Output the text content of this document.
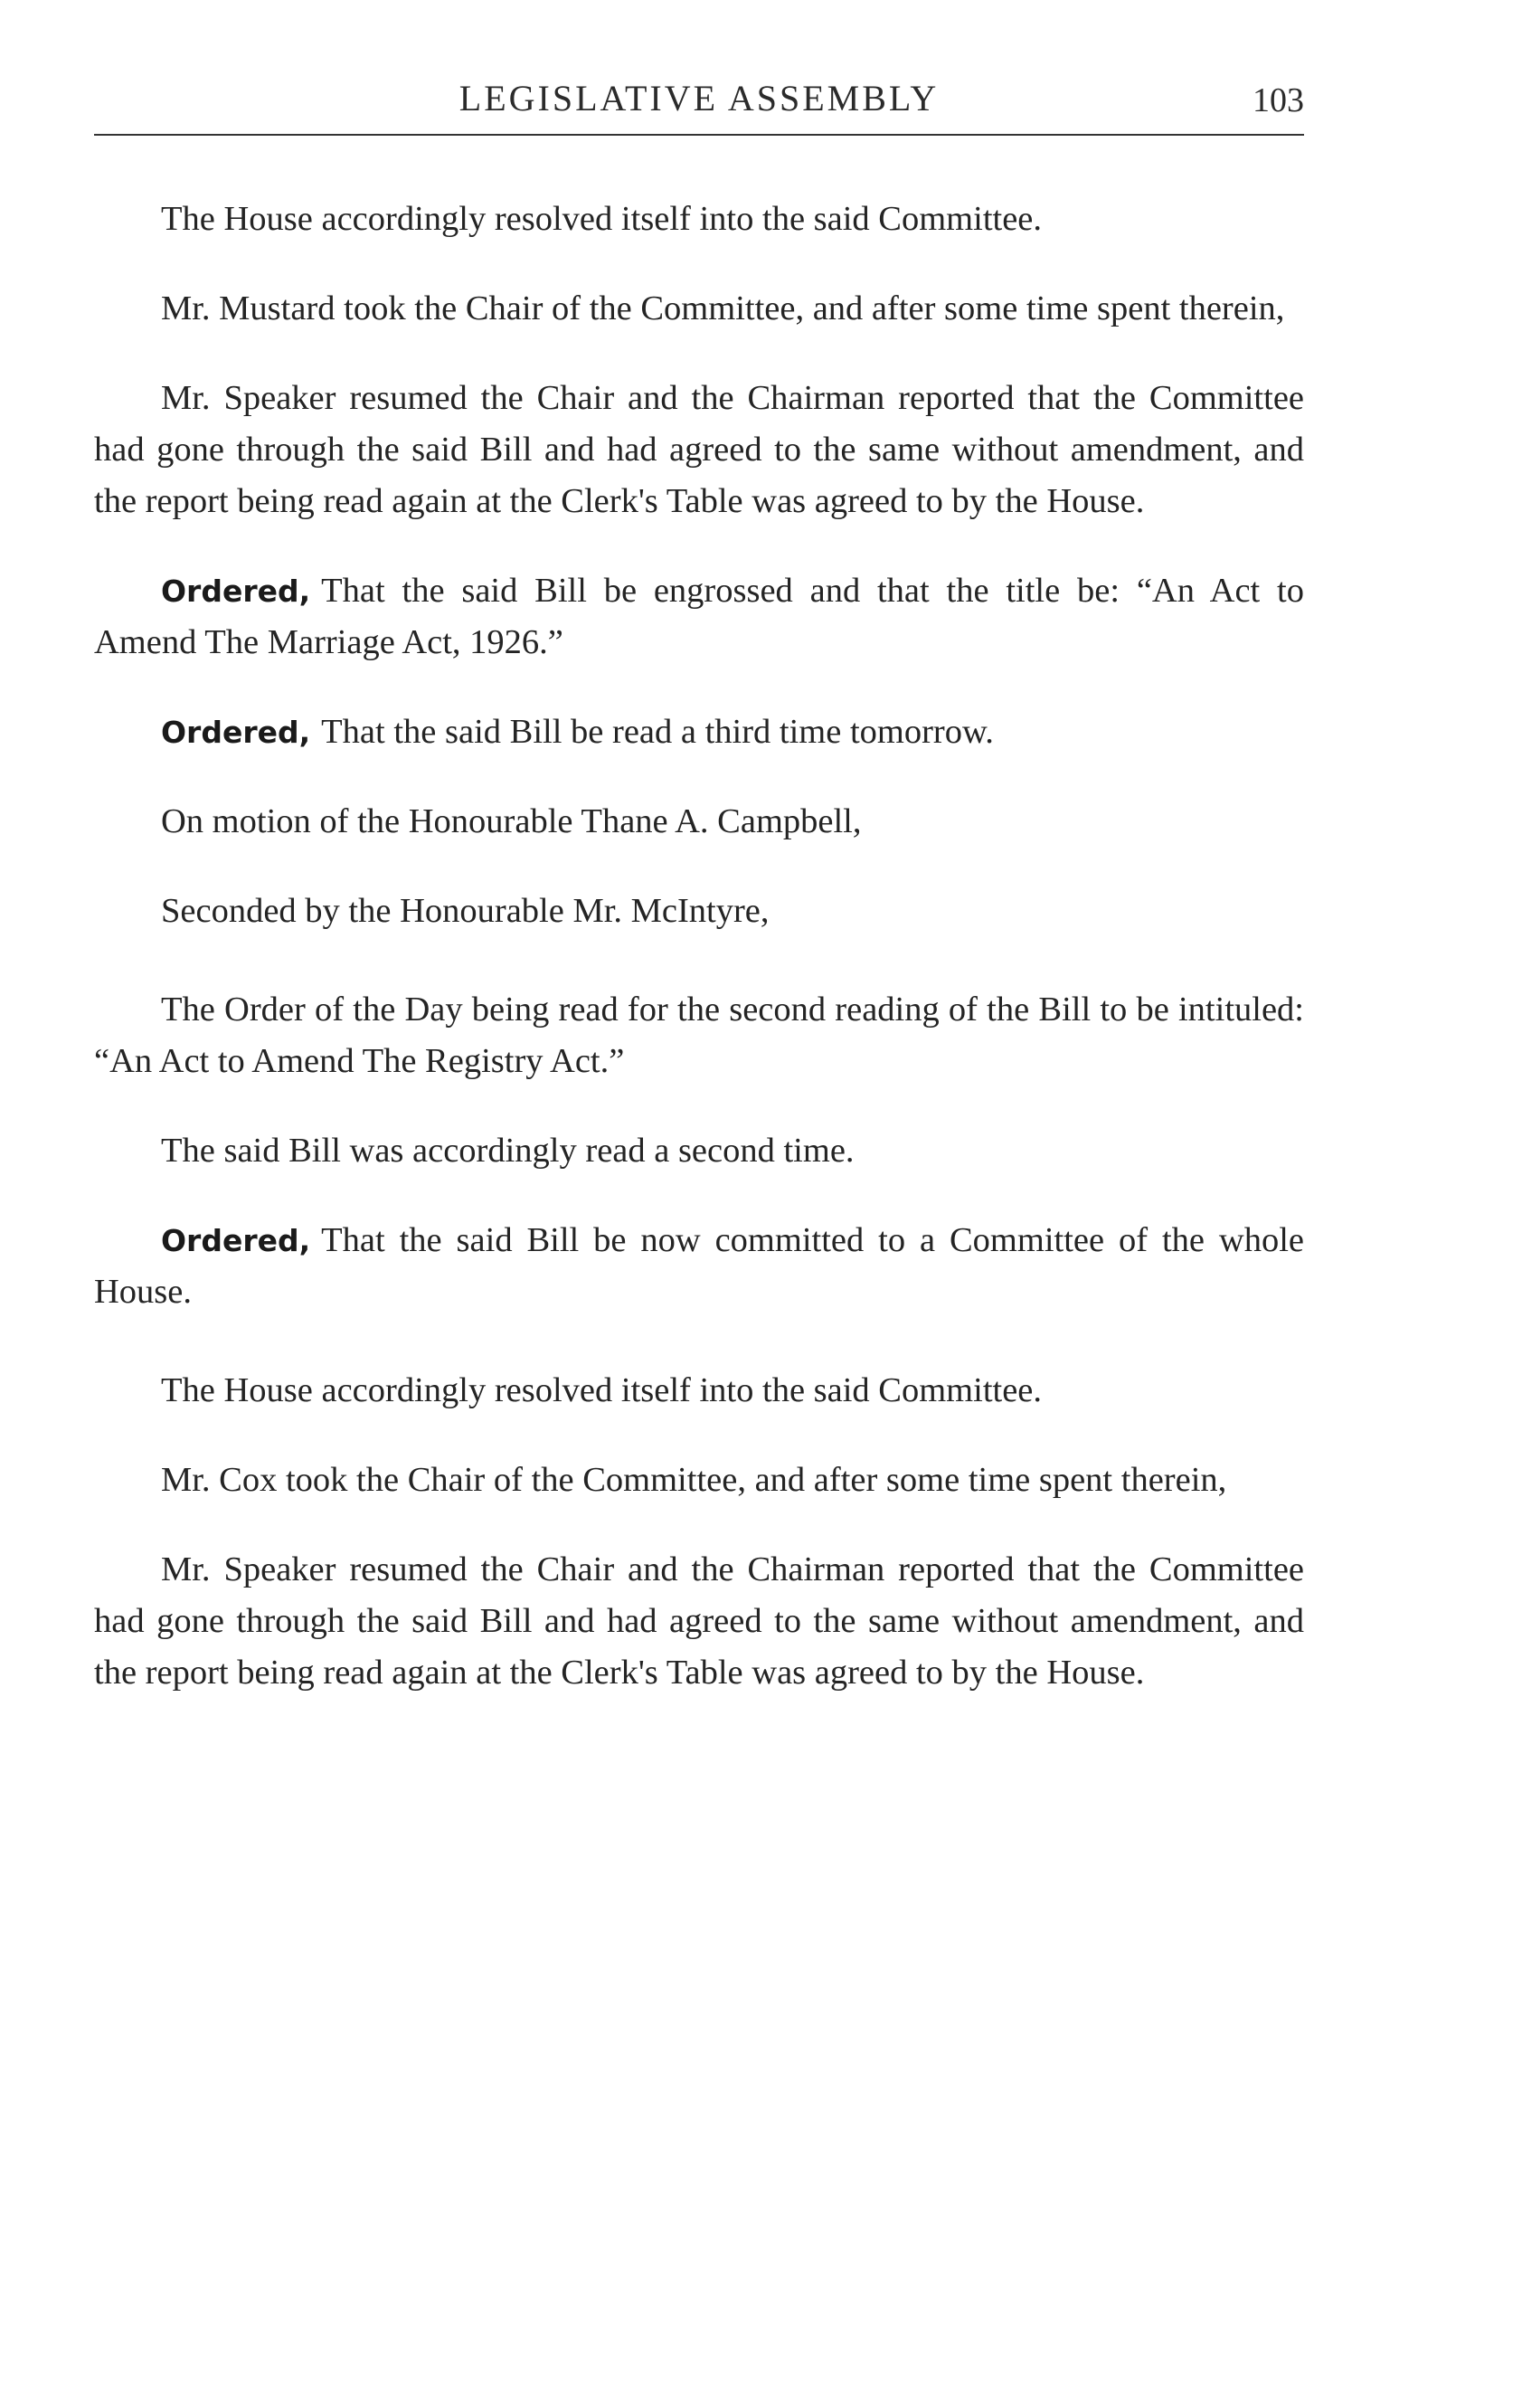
LEGISLATIVE ASSEMBLY	103

The House accordingly resolved itself into the said Committee.

Mr. Mustard took the Chair of the Committee, and after some time spent therein,

Mr. Speaker resumed the Chair and the Chairman reported that the Committee had gone through the said Bill and had agreed to the same without amendment, and the report being read again at the Clerk's Table was agreed to by the House.

Ordered, That the said Bill be engrossed and that the title be: “An Act to Amend The Marriage Act, 1926.”

Ordered, That the said Bill be read a third time tomorrow.

On motion of the Honourable Thane A. Campbell,

Seconded by the Honourable Mr. McIntyre,

The Order of the Day being read for the second reading of the Bill to be intituled: “An Act to Amend The Registry Act.”

The said Bill was accordingly read a second time.

Ordered, That the said Bill be now committed to a Committee of the whole House.

The House accordingly resolved itself into the said Committee.

Mr. Cox took the Chair of the Committee, and after some time spent therein,

Mr. Speaker resumed the Chair and the Chairman reported that the Committee had gone through the said Bill and had agreed to the same without amendment, and the report being read again at the Clerk's Table was agreed to by the House.
